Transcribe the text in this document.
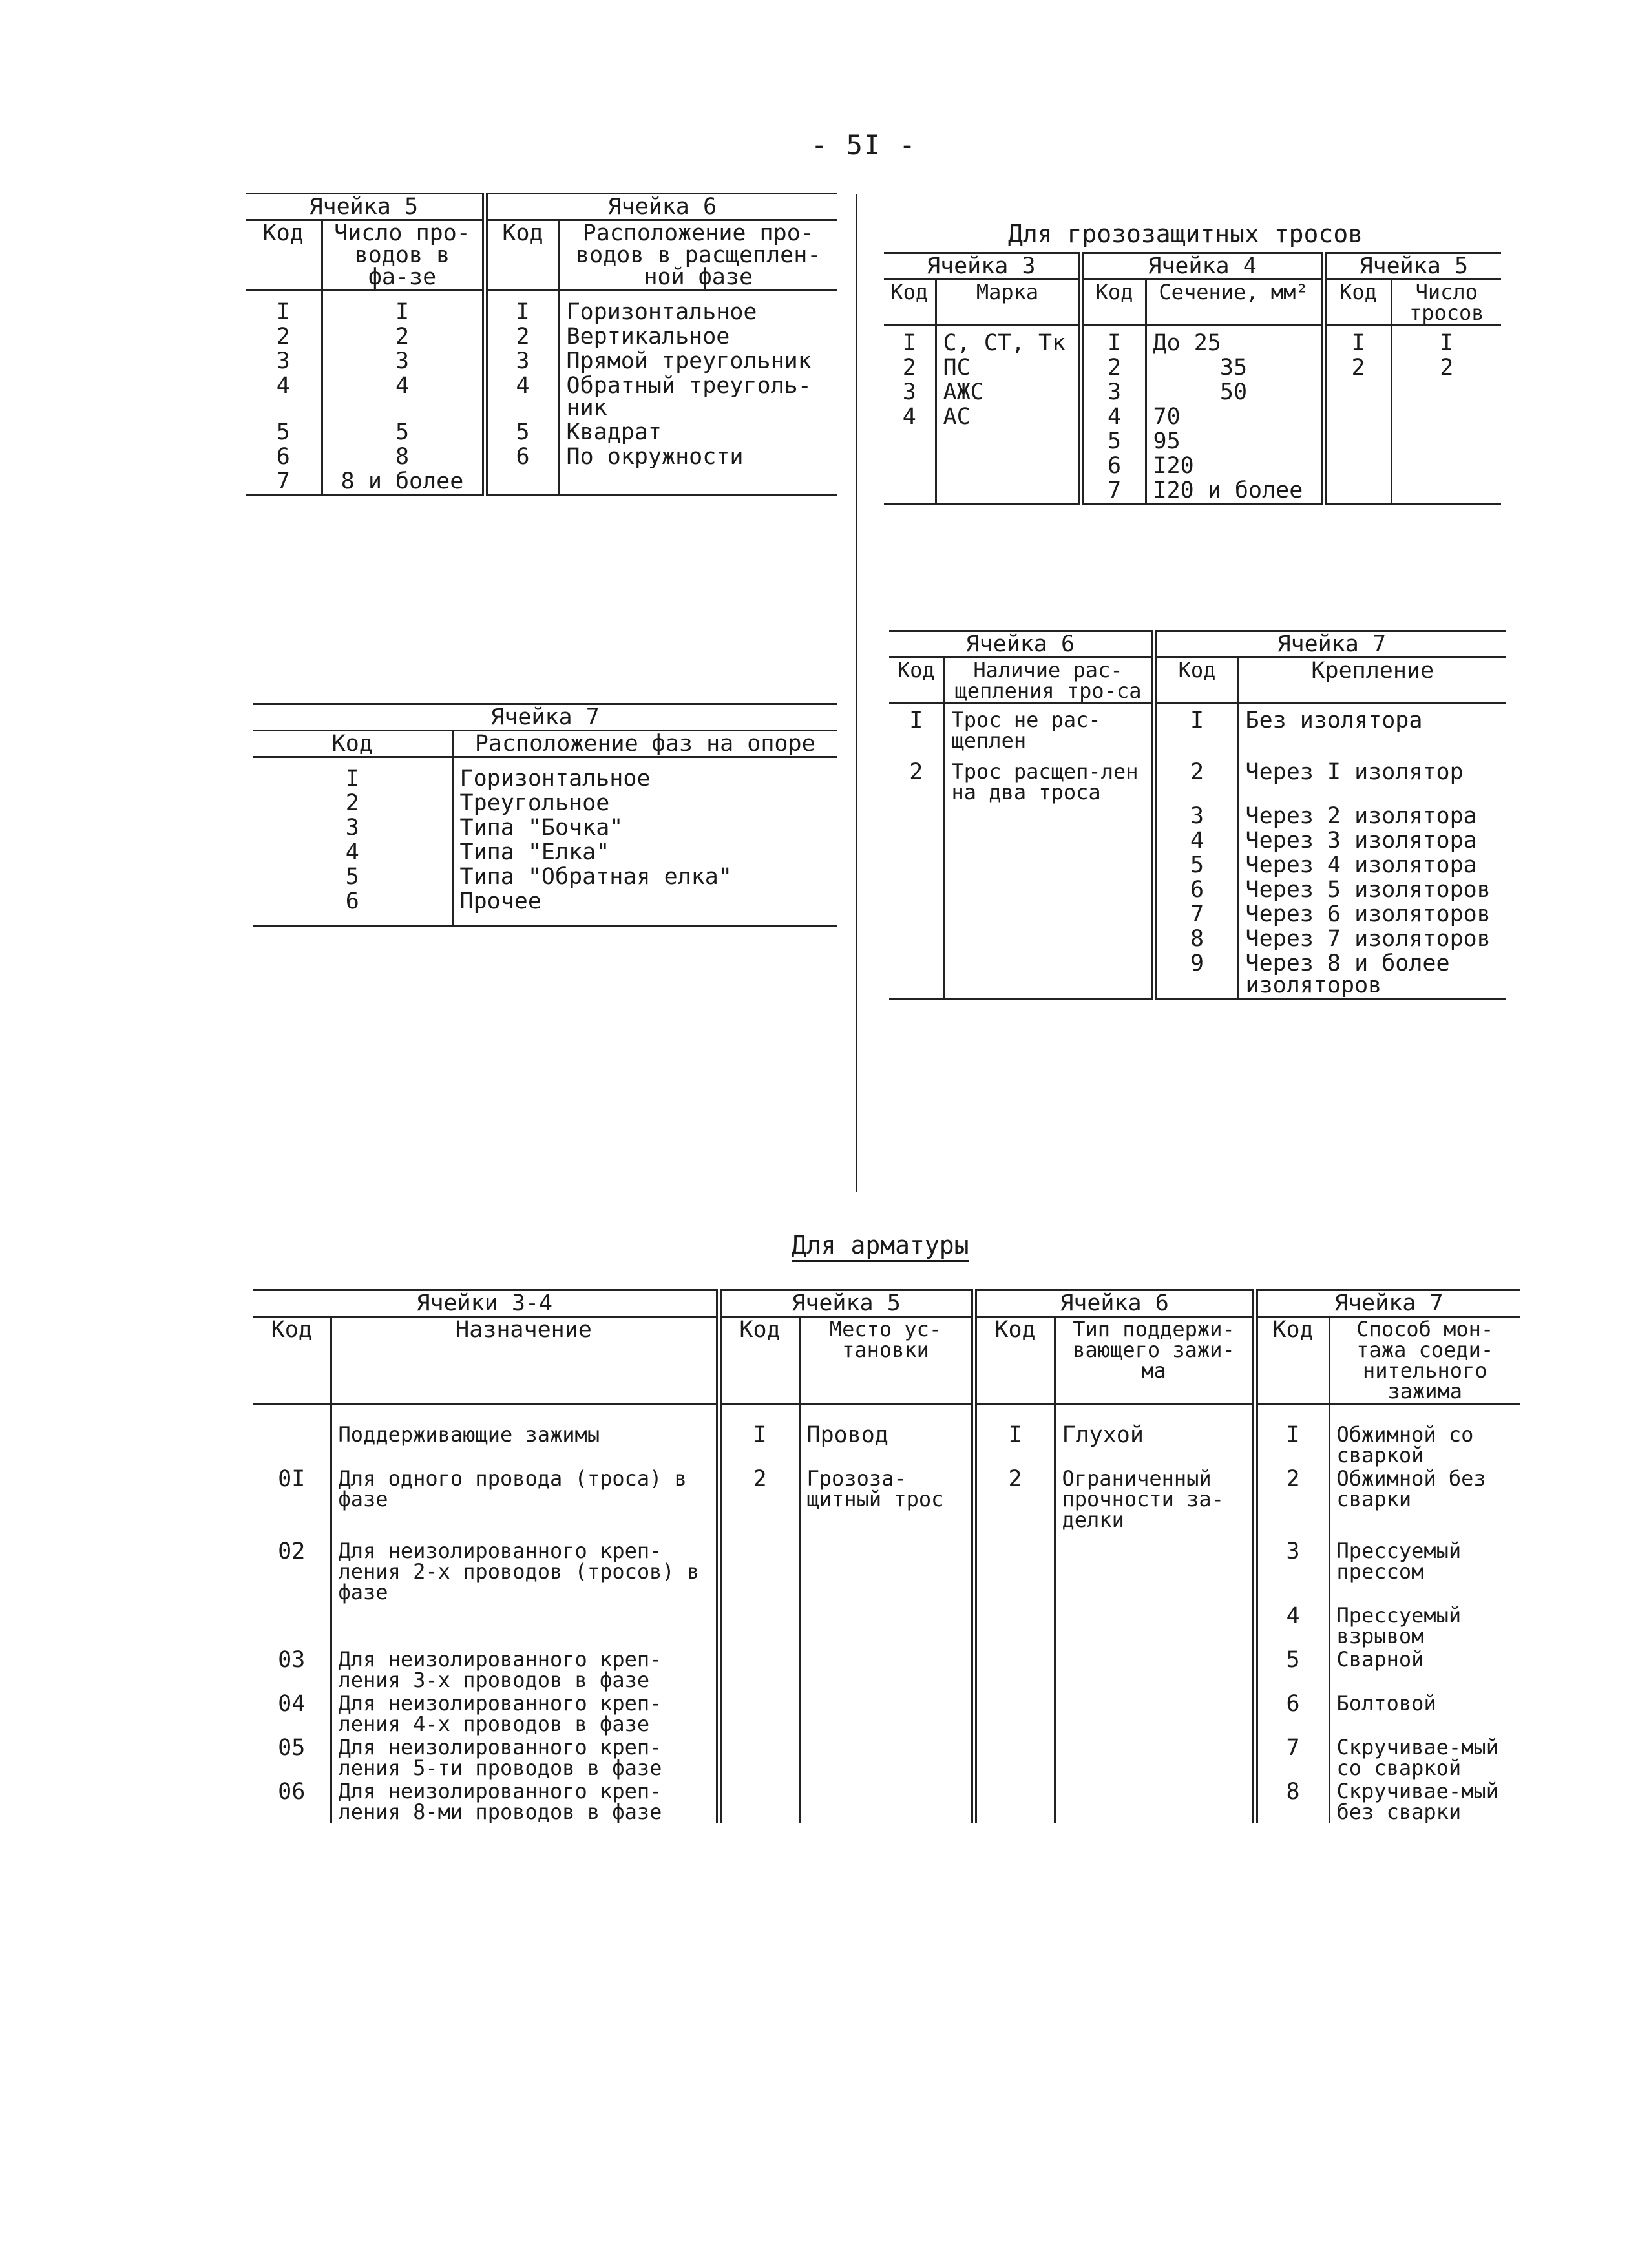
- 5I -
Ячейка 5		Ячейка 6	
Код	Число про-водов в фа-зе	Код	Расположение про-водов в расщеплен-ной фазе

I	I	I	Горизонтальное
2	2	2	Вертикальное
3	3	3	Прямой треугольник
4	4	4	Обратный треуголь-ник
5	5	5	Квадрат
6	8	6	По окружности
7	8 и более		
Ячейка 7	
Код	Расположение фаз на опоре

I	Горизонтальное
2	Треугольное
3	Типа "Бочка"
4	Типа "Елка"
5	Типа "Обратная елка"
6	Прочее
Для грозозащитных тросов
Ячейка 3		Ячейка 4		Ячейка 5	
Код	Марка	Код	Сечение, мм²	Код	Число тросов

I	С, СТ, Тк	I	До 25	I	I
2	ПС	2	35	2	2
3	АЖС	3	50		
4	АС	4	70		
		5	95		
		6	I20		
		7	I20 и более		
Ячейка 6		Ячейка 7	
Код	Наличие рас-щепления тро-са	Код	Крепление
I	Трос не рас-щеплен	I	Без изолятора
2	Трос расщеп-лен на два троса	2	Через I изолятор
		3	Через 2 изолятора
		4	Через 3 изолятора
		5	Через 4 изолятора
		6	Через 5 изоляторов
		7	Через 6 изоляторов
		8	Через 7 изоляторов
		9	Через 8 и более изоляторов
Для арматуры
Ячейки 3-4		Ячейка 5		Ячейка 6		Ячейка 7	
Код	Назначение	Код	Место ус-тановки	Код	Тип поддержи-вающего зажи-ма	Код	Способ мон-тажа соеди-нительного зажима
	Поддерживающие зажимы	I	Провод	I	Глухой	I	Обжимной со сваркой
0I	Для одного провода (троса) в фазе	2	Грозоза-щитный трос	2	Ограниченный прочности за-делки	2	Обжимной без сварки
02	Для неизолированного креп-ления 2-х проводов (тросов) в фазе					3	Прессуемый прессом
						4	Прессуемый взрывом
03	Для неизолированного креп-ления 3-х проводов в фазе					5	Сварной
04	Для неизолированного креп-ления 4-х проводов в фазе					6	Болтовой
05	Для неизолированного креп-ления 5-ти проводов в фазе					7	Скручивае-мый со сваркой
06	Для неизолированного креп-ления 8-ми проводов в фазе					8	Скручивае-мый без сварки
